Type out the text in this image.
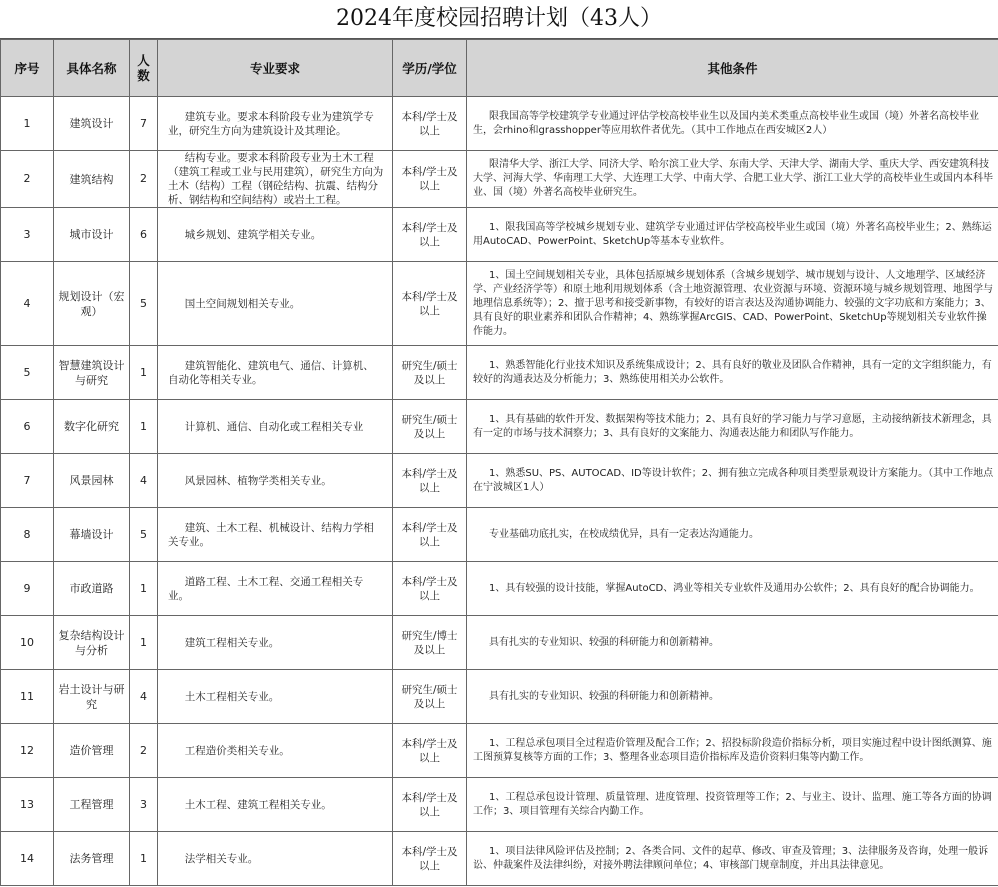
2024年度校园招聘计划（43人）
序号	具体名称	人数	专业要求	学历/学位	其他条件
1	建筑设计	7	建筑专业。要求本科阶段专业为建筑学专业，研究生方向为建筑设计及其理论。	本科/学士及以上	限我国高等学校建筑学专业通过评估学校高校毕业生以及国内美术类重点高校毕业生或国（境）外著名高校毕业生，会rhino和grasshopper等应用软件者优先。（其中工作地点在西安城区2人）
2	建筑结构	2	结构专业。要求本科阶段专业为土木工程（建筑工程或工业与民用建筑），研究生方向为土木（结构）工程（钢砼结构、抗震、结构分析、钢结构和空间结构）或岩土工程。	本科/学士及以上	限清华大学、浙江大学、同济大学、哈尔滨工业大学、东南大学、天津大学、湖南大学、重庆大学、西安建筑科技大学、河海大学、华南理工大学、大连理工大学、中南大学、合肥工业大学、浙江工业大学的高校毕业生或国内本科毕业、国（境）外著名高校毕业研究生。
3	城市设计	6	城乡规划、建筑学相关专业。	本科/学士及以上	1、限我国高等学校城乡规划专业、建筑学专业通过评估学校高校毕业生或国（境）外著名高校毕业生；2、熟练运用AutoCAD、PowerPoint、SketchUp等基本专业软件。
4	规划设计（宏观）	5	国土空间规划相关专业。	本科/学士及以上	1、国土空间规划相关专业，具体包括原城乡规划体系（含城乡规划学、城市规划与设计、人文地理学、区域经济学、产业经济学等）和原土地利用规划体系（含土地资源管理、农业资源与环境、资源环境与城乡规划管理、地图学与地理信息系统等）；2、擅于思考和接受新事物，有较好的语言表达及沟通协调能力、较强的文字功底和方案能力；3、具有良好的职业素养和团队合作精神；4、熟练掌握ArcGIS、CAD、PowerPoint、SketchUp等规划相关专业软件操作能力。
5	智慧建筑设计与研究	1	建筑智能化、建筑电气、通信、计算机、自动化等相关专业。	研究生/硕士及以上	1、熟悉智能化行业技术知识及系统集成设计；2、具有良好的敬业及团队合作精神，具有一定的文字组织能力，有较好的沟通表达及分析能力；3、熟练使用相关办公软件。
6	数字化研究	1	计算机、通信、自动化或工程相关专业	研究生/硕士及以上	1、具有基础的软件开发、数据架构等技术能力；2、具有良好的学习能力与学习意愿，主动接纳新技术新理念，具有一定的市场与技术洞察力；3、具有良好的文案能力、沟通表达能力和团队写作能力。
7	风景园林	4	风景园林、植物学类相关专业。	本科/学士及以上	1、熟悉SU、PS、AUTOCAD、ID等设计软件；2、拥有独立完成各种项目类型景观设计方案能力。（其中工作地点在宁波城区1人）
8	幕墙设计	5	建筑、土木工程、机械设计、结构力学相关专业。	本科/学士及以上	专业基础功底扎实，在校成绩优异，具有一定表达沟通能力。
9	市政道路	1	道路工程、土木工程、交通工程相关专业。	本科/学士及以上	1、具有较强的设计技能，掌握AutoCD、鸿业等相关专业软件及通用办公软件；2、具有良好的配合协调能力。
10	复杂结构设计与分析	1	建筑工程相关专业。	研究生/博士及以上	具有扎实的专业知识、较强的科研能力和创新精神。
11	岩土设计与研究	4	土木工程相关专业。	研究生/硕士及以上	具有扎实的专业知识、较强的科研能力和创新精神。
12	造价管理	2	工程造价类相关专业。	本科/学士及以上	1、工程总承包项目全过程造价管理及配合工作；2、招投标阶段造价指标分析，项目实施过程中设计图纸测算、施工图预算复核等方面的工作；3、整理各业态项目造价指标库及造价资料归集等内勤工作。
13	工程管理	3	土木工程、建筑工程相关专业。	本科/学士及以上	1、工程总承包设计管理、质量管理、进度管理、投资管理等工作；2、与业主、设计、监理、施工等各方面的协调工作；3、项目管理有关综合内勤工作。
14	法务管理	1	法学相关专业。	本科/学士及以上	1、项目法律风险评估及控制；2、各类合同、文件的起草、修改、审查及管理；3、法律服务及咨询，处理一般诉讼、仲裁案件及法律纠纷，对接外聘法律顾问单位；4、审核部门规章制度，并出具法律意见。
